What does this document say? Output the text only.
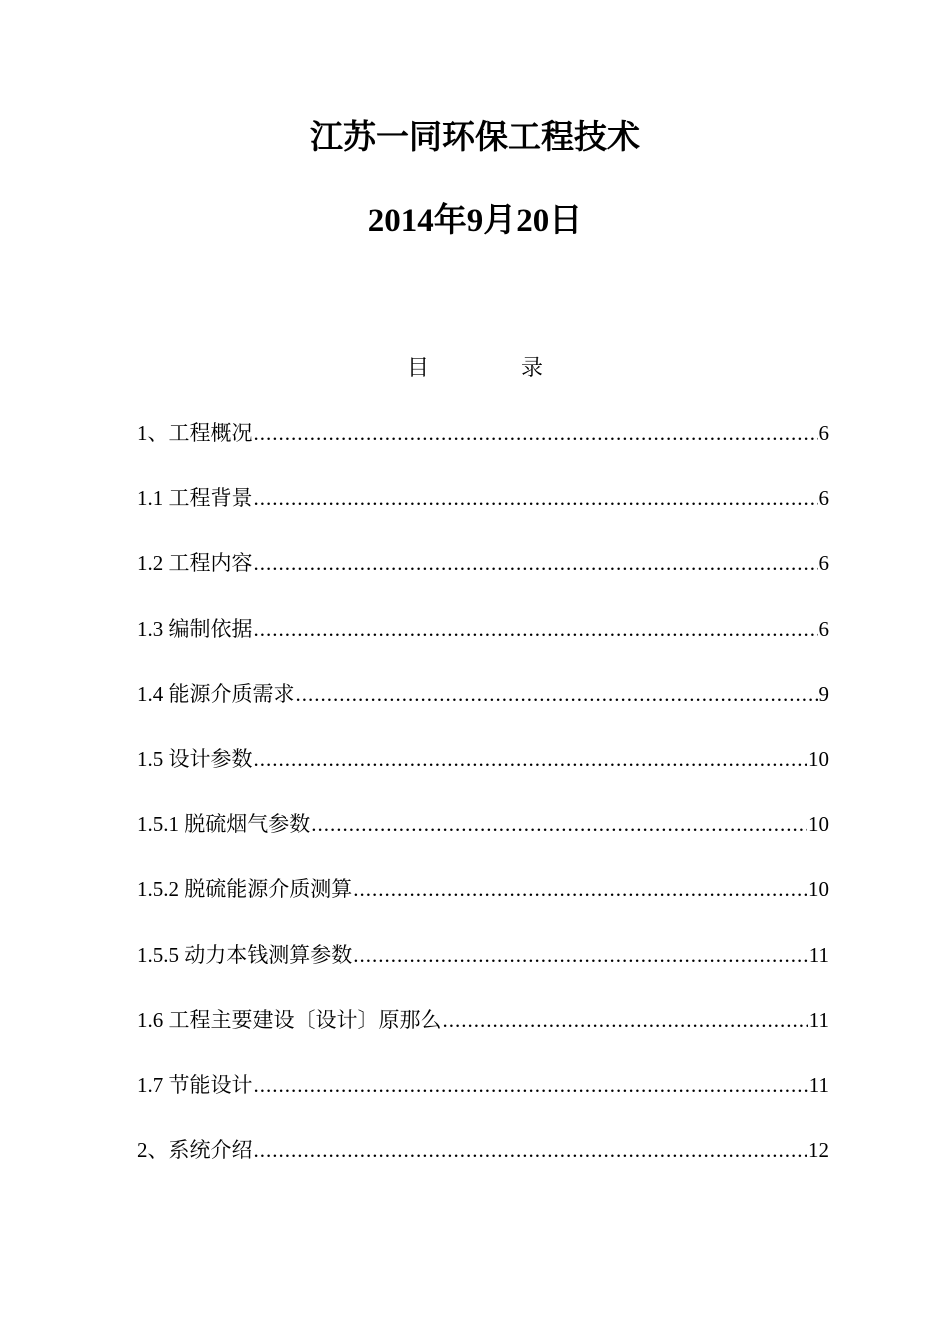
江苏一同环保工程技术
2014年9月20日
目	录
1、工程概况 .....	6
1.1 工程背景 .....	6
1.2 工程内容 .....	6
1.3 编制依据 .....	6
1.4 能源介质需求 .....	9
1.5 设计参数 .....	10
1.5.1 脱硫烟气参数 .....	10
1.5.2 脱硫能源介质测算 .....	10
1.5.5 动力本钱测算参数 .....	11
1.6 工程主要建设〔设计〕原那么 .....	11
1.7 节能设计 .....	11
2、系统介绍 .....	12
